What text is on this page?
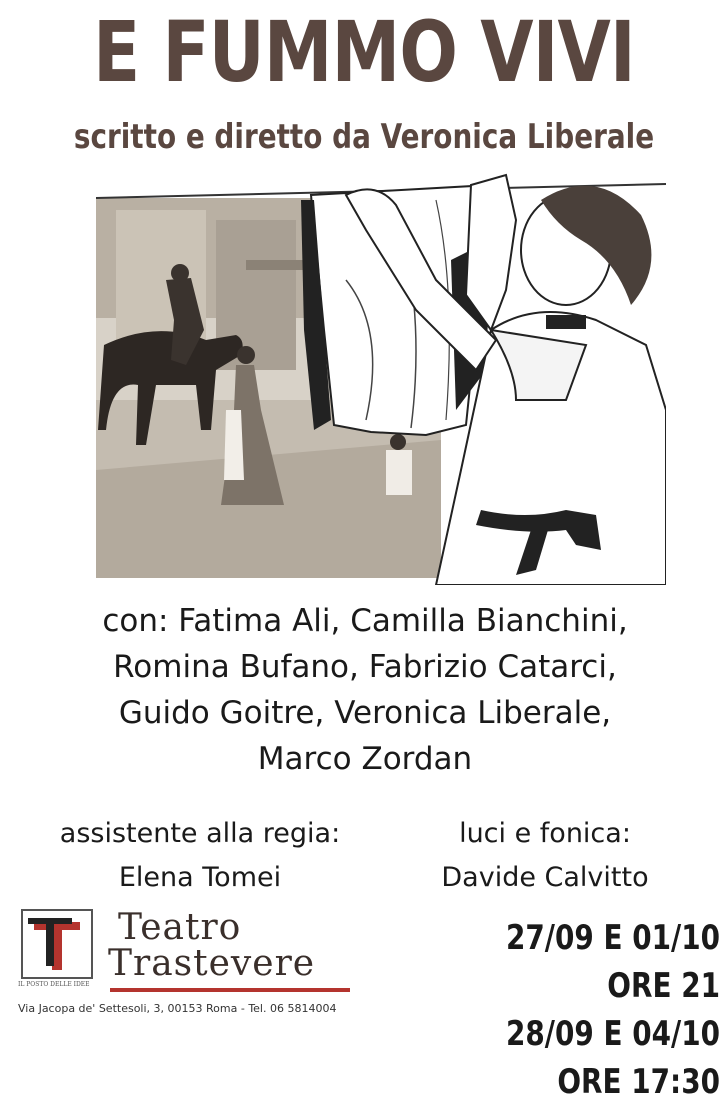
E FUMMO VIVI
scritto e diretto da Veronica Liberale
con: Fatima Ali, Camilla Bianchini,
Romina Bufano, Fabrizio Catarci,
Guido Goitre, Veronica Liberale,
Marco Zordan
assistente alla regia:
Elena Tomei
luci e fonica:
Davide Calvitto
IL POSTO DELLE IDEE
Teatro
Trastevere
Via Jacopa de' Settesoli, 3, 00153 Roma - Tel. 06 5814004
27/09 E 01/10 ORE 21
28/09 E 04/10 ORE 17:30
